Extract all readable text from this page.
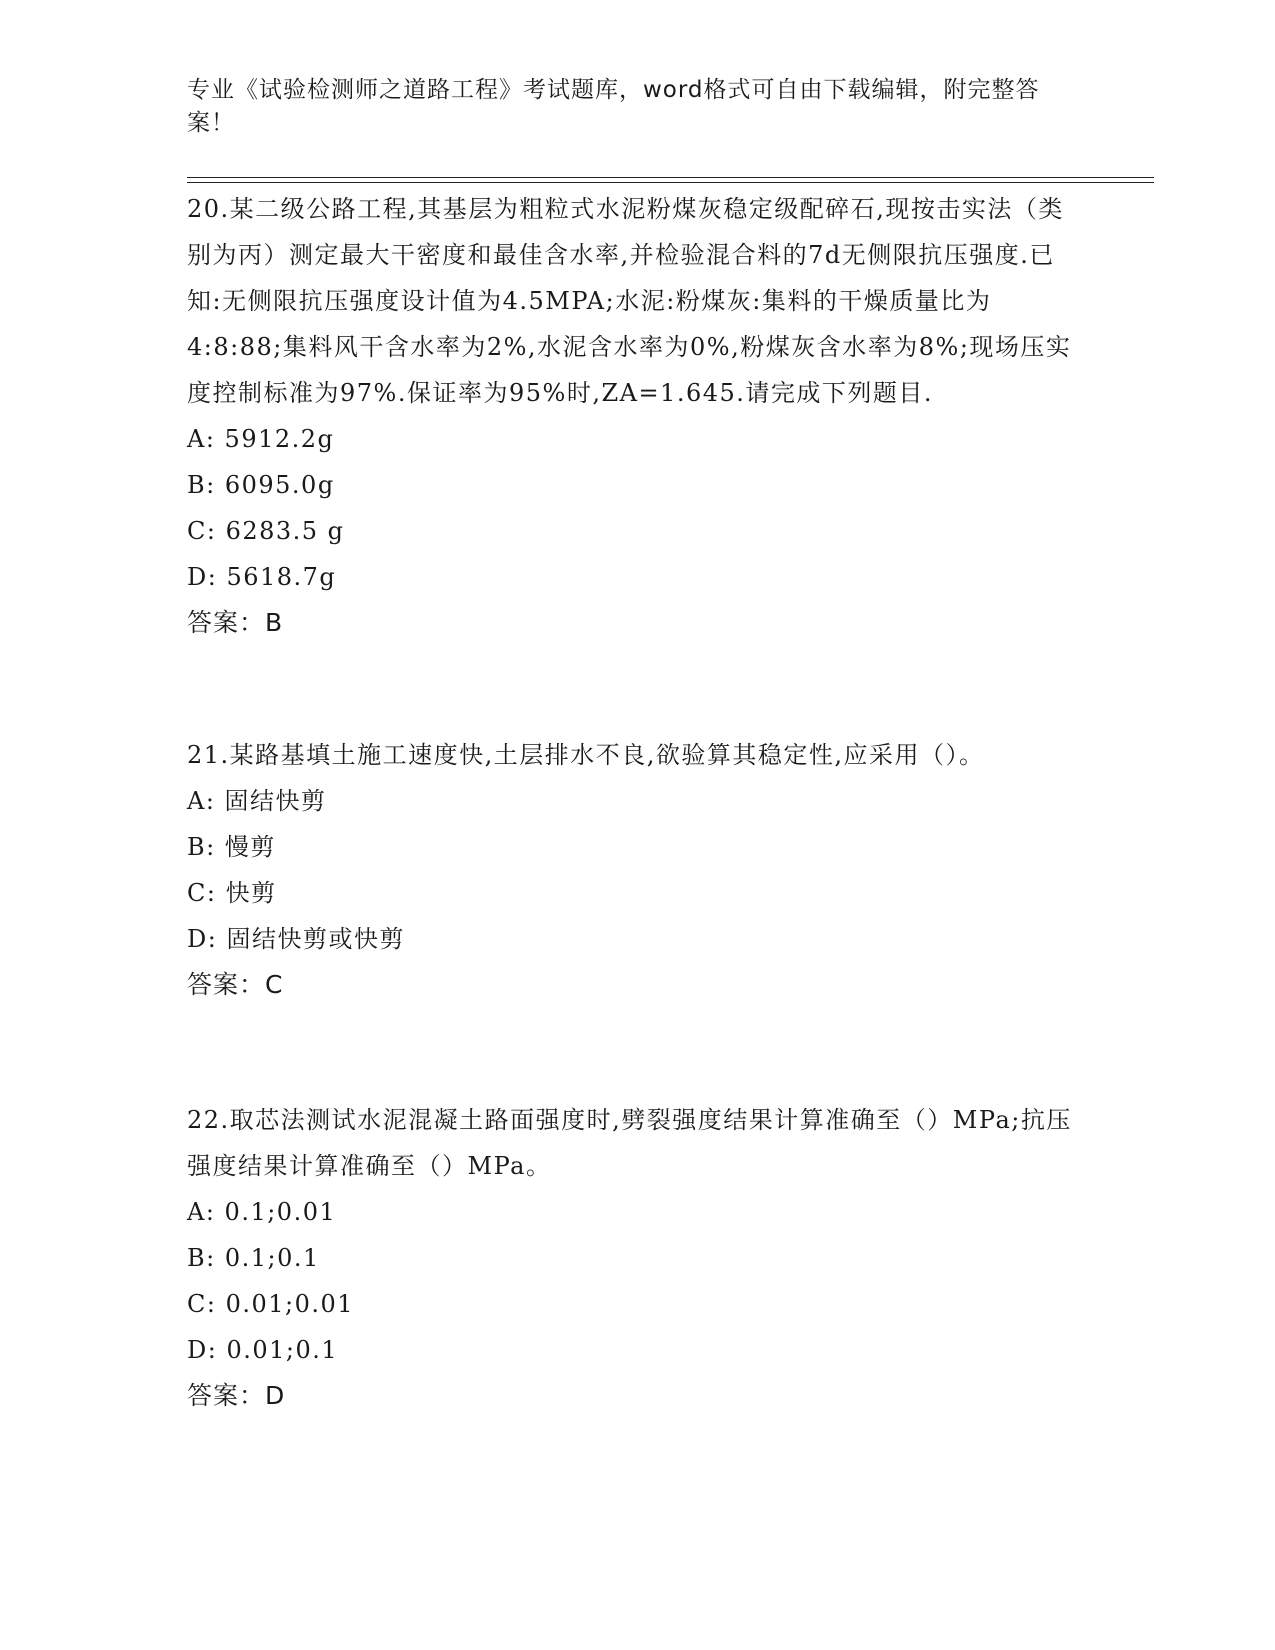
专业《试验检测师之道路工程》考试题库，word格式可自由下载编辑，附完整答案！

20.某二级公路工程,其基层为粗粒式水泥粉煤灰稳定级配碎石,现按击实法（类别为丙）测定最大干密度和最佳含水率,并检验混合料的7d无侧限抗压强度.已知:无侧限抗压强度设计值为4.5MPA;水泥:粉煤灰:集料的干燥质量比为4:8:88;集料风干含水率为2%,水泥含水率为0%,粉煤灰含水率为8%;现场压实度控制标准为97%.保证率为95%时,ZA=1.645.请完成下列题目.

A: 5912.2g

B: 6095.0g

C: 6283.5 g

D: 5618.7g

答案：B

21.某路基填土施工速度快,土层排水不良,欲验算其稳定性,应采用（）。

A: 固结快剪

B: 慢剪

C: 快剪

D: 固结快剪或快剪

答案：C

22.取芯法测试水泥混凝土路面强度时,劈裂强度结果计算准确至（）MPa;抗压强度结果计算准确至（）MPa。

A: 0.1;0.01

B: 0.1;0.1

C: 0.01;0.01

D: 0.01;0.1

答案：D
